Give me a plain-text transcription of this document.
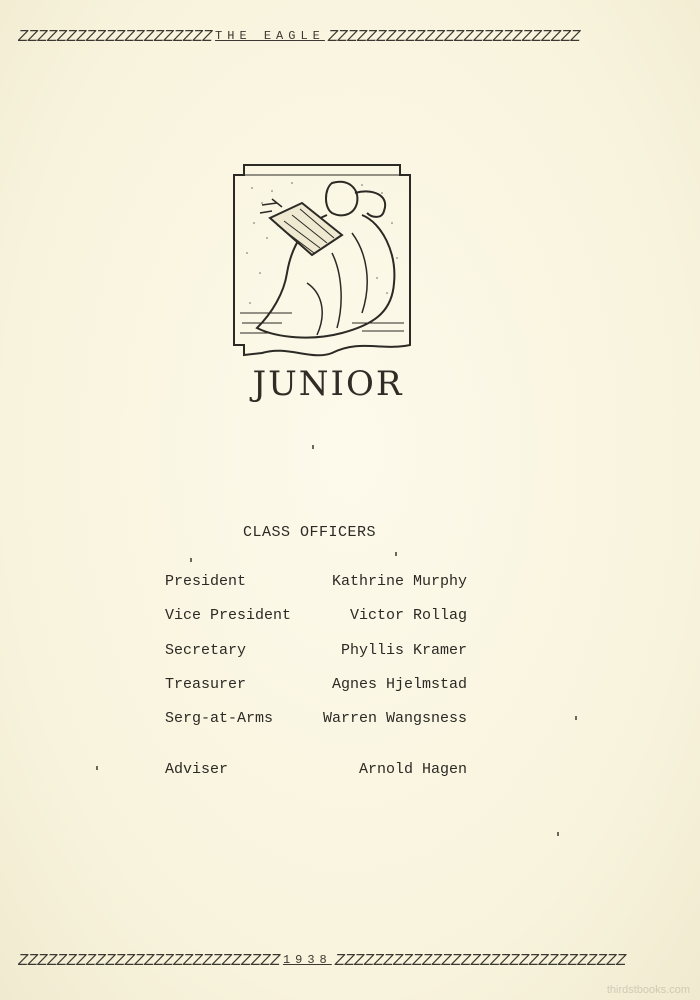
ZZZZZZZZZZZZZZZZZZZZ THE EAGLE ZZZZZZZZZZZZZZZZZZZZZZZZZZ
JUNIOR
CLASS OFFICERS
President	Kathrine Murphy
Vice President	Victor Rollag
Secretary	Phyllis Kramer
Treasurer	Agnes Hjelmstad
Serg-at-Arms	Warren Wangsness
Adviser	Arnold Hagen
ZZZZZZZZZZZZZZZZZZZZZZZZZZZ 1938 ZZZZZZZZZZZZZZZZZZZZZZZZZZZZZZ
thirdstbooks.com
